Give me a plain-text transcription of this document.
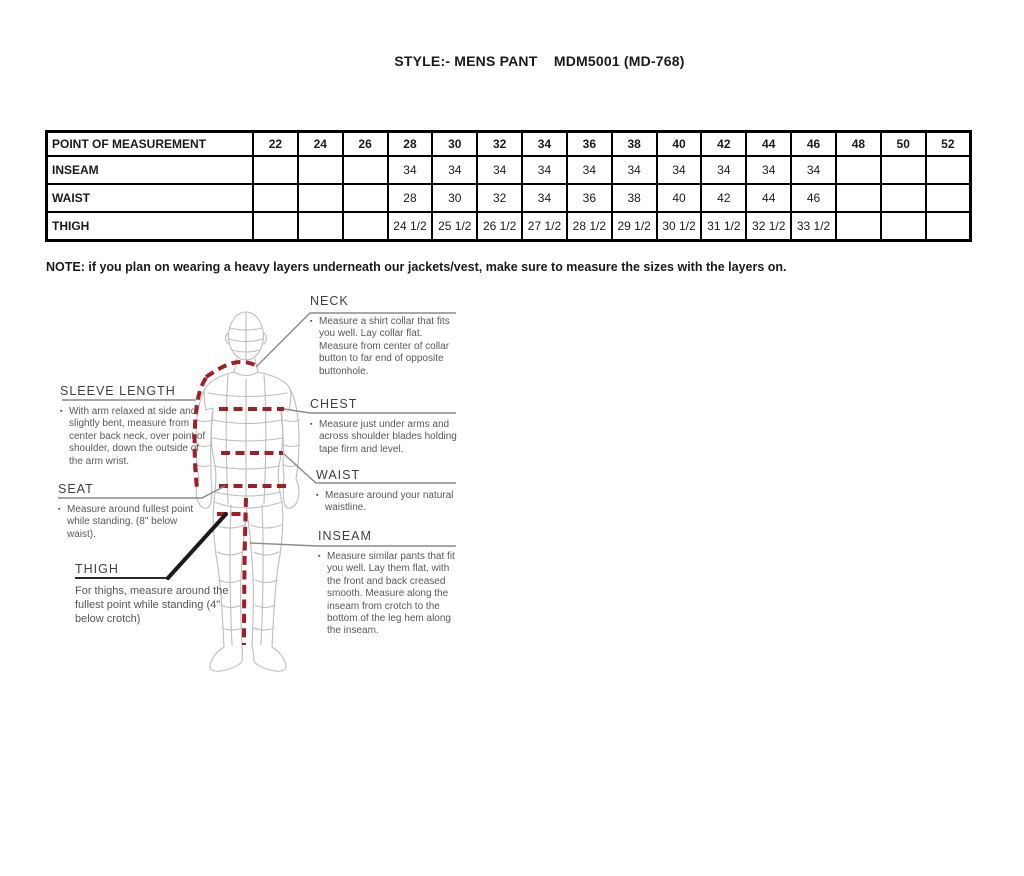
STYLE:- MENS PANT    MDM5001 (MD-768)
POINT OF MEASUREMENT	22	24	26	28	30	32	34	36	38	40	42	44	46	48	50	52
INSEAM				34	34	34	34	34	34	34	34	34	34			
WAIST				28	30	32	34	36	38	40	42	44	46			
THIGH				24 1/2	25 1/2	26 1/2	27 1/2	28 1/2	29 1/2	30 1/2	31 1/2	32 1/2	33 1/2			
NOTE: if you plan on wearing a heavy layers underneath our jackets/vest, make sure to measure the sizes with the layers on.
SLEEVE LENGTH
▪ With arm relaxed at side and slightly bent, measure from center back neck, over point of shoulder, down the outside of the arm wrist.
SEAT
▪ Measure around fullest point while standing. (8" below waist).
THIGH
For thighs, measure around the fullest point while standing (4" below crotch)
NECK
▪ Measure a shirt collar that fits you well. Lay collar flat. Measure from center of collar button to far end of opposite buttonhole.
CHEST
▪ Measure just under arms and across shoulder blades holding tape firm and level.
WAIST
▪ Measure around your natural waistline.
INSEAM
▪ Measure similar pants that fit you well. Lay them flat, with the front and back creased smooth. Measure along the inseam from crotch to the bottom of the leg hem along the inseam.
